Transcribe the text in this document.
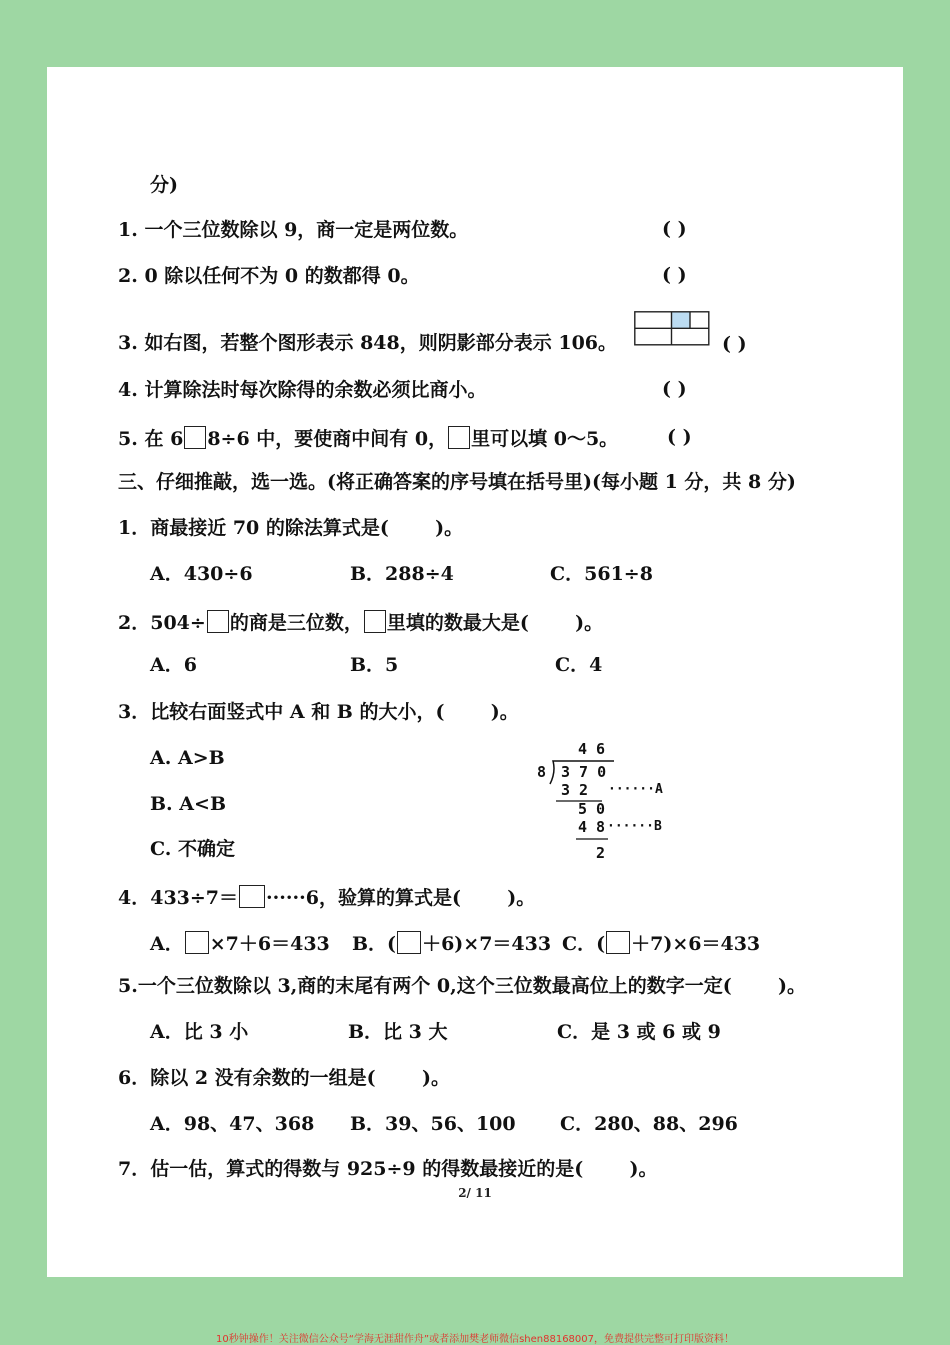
分)
1. 一个三位数除以 9，商一定是两位数。	( )
2. 0 除以任何不为 0 的数都得 0。	( )
3. 如右图，若整个图形表示 848，则阴影部分表示 106。	( )
4. 计算除法时每次除得的余数必须比商小。	( )
5. 在 6 8÷6 中，要使商中间有 0， 里可以填 0～5。	( )
三、仔细推敲，选一选。(将正确答案的序号填在括号里)(每小题 1 分，共 8 分)
1．商最接近 70 的除法算式是(       )。
A．430÷6	B．288÷4	C．561÷8
2．504÷ 的商是三位数， 里填的数最大是(       )。
A．6	B．5	C．4
3．比较右面竖式中 A 和 B 的大小，(       )。
A. A>B
B. A<B
C. 不确定
4 6
8 3 7 0
3 2 ······A
5 0
4 8 ······B
2
4．433÷7＝ ······6，验算的算式是(       )。
A． ×7＋6＝433 B．( ＋6)×7＝433 C．( ＋7)×6＝433
5.一个三位数除以 3,商的末尾有两个 0,这个三位数最高位上的数字一定(       )。
A．比 3 小	B．比 3 大	C．是 3 或 6 或 9
6．除以 2 没有余数的一组是(       )。
A．98、47、368 B．39、56、100 C．280、88、296
7．估一估，算式的得数与 925÷9 的得数最接近的是(       )。
2/ 11
10秒钟操作！关注微信公众号“学海无涯甜作舟”或者添加樊老师微信shen88168007，免费提供完整可打印版资料！
